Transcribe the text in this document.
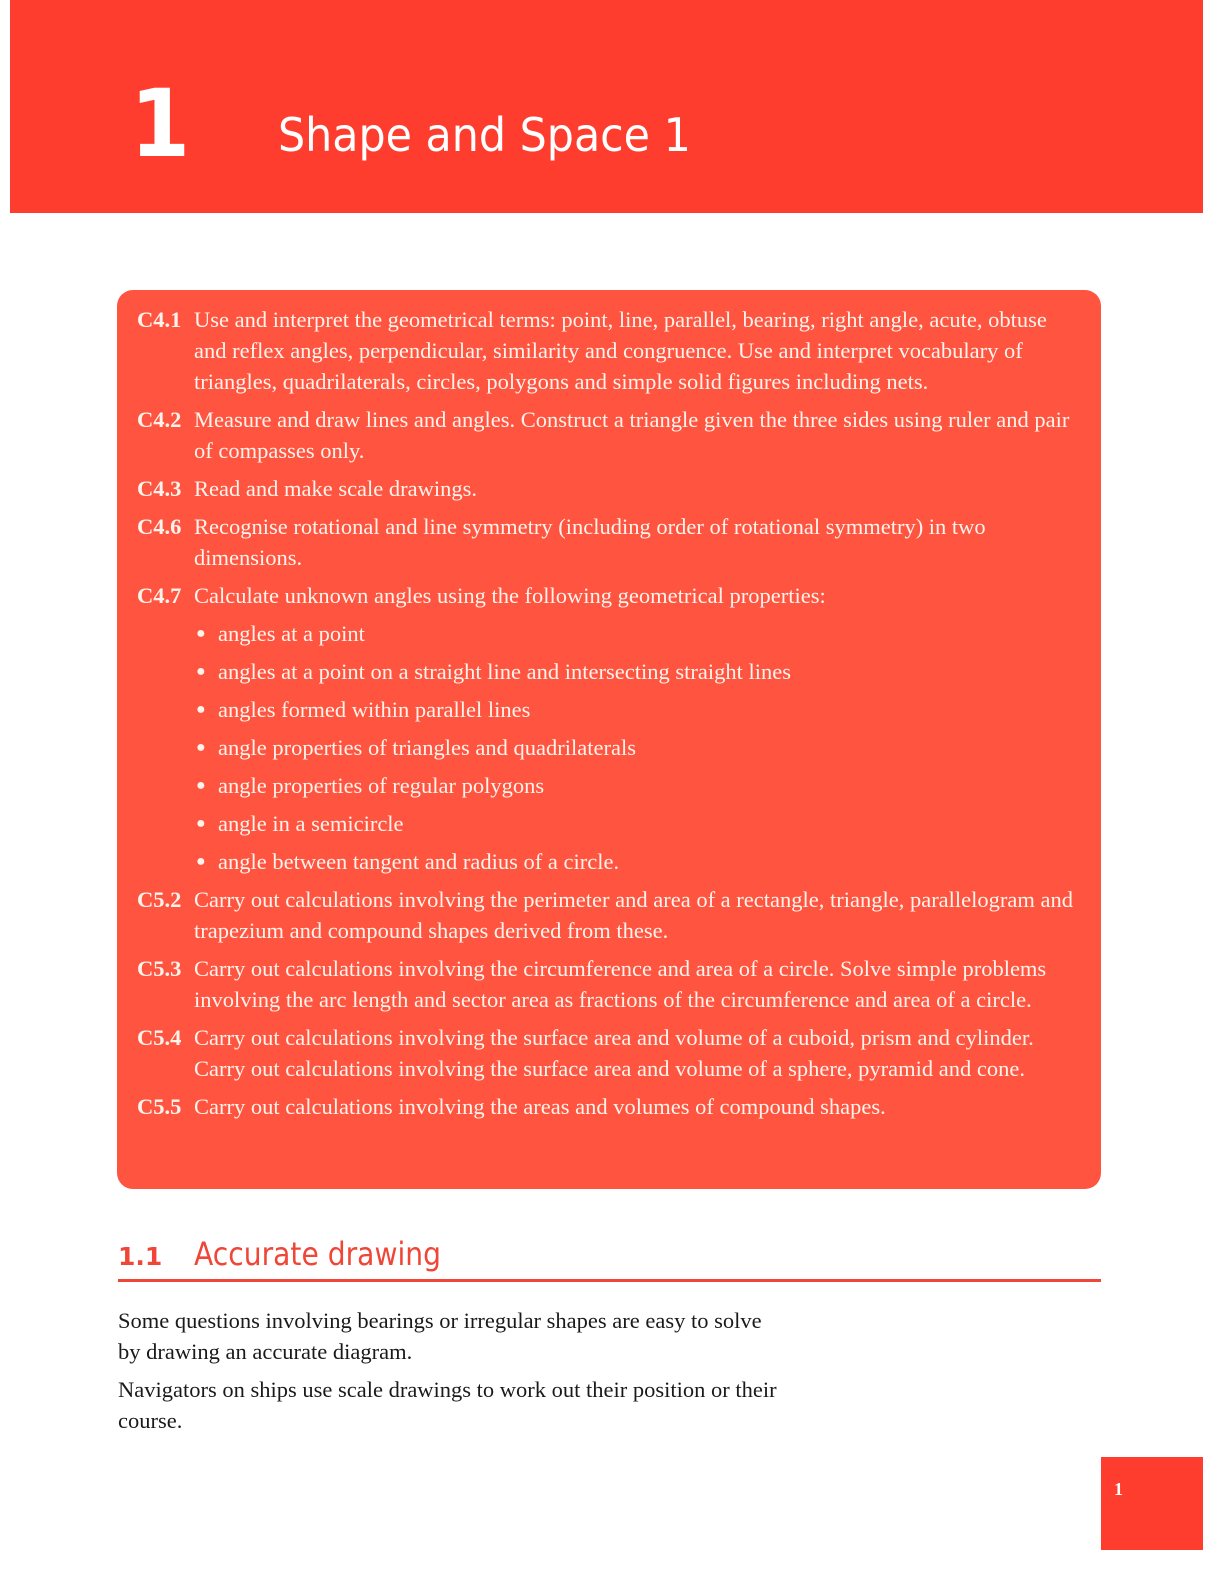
1 Shape and Space 1
C4.1 Use and interpret the geometrical terms: point, line, parallel, bearing, right angle, acute, obtuse and reflex angles, perpendicular, similarity and congruence. Use and interpret vocabulary of triangles, quadrilaterals, circles, polygons and simple solid figures including nets.
C4.2 Measure and draw lines and angles. Construct a triangle given the three sides using ruler and pair of compasses only.
C4.3 Read and make scale drawings.
C4.6 Recognise rotational and line symmetry (including order of rotational symmetry) in two dimensions.
C4.7 Calculate unknown angles using the following geometrical properties:
● angles at a point
● angles at a point on a straight line and intersecting straight lines
● angles formed within parallel lines
● angle properties of triangles and quadrilaterals
● angle properties of regular polygons
● angle in a semicircle
● angle between tangent and radius of a circle.
C5.2 Carry out calculations involving the perimeter and area of a rectangle, triangle, parallelogram and trapezium and compound shapes derived from these.
C5.3 Carry out calculations involving the circumference and area of a circle. Solve simple problems involving the arc length and sector area as fractions of the circumference and area of a circle.
C5.4 Carry out calculations involving the surface area and volume of a cuboid, prism and cylinder. Carry out calculations involving the surface area and volume of a sphere, pyramid and cone.
C5.5 Carry out calculations involving the areas and volumes of compound shapes.
1.1 Accurate drawing

Some questions involving bearings or irregular shapes are easy to solve by drawing an accurate diagram.

Navigators on ships use scale drawings to work out their position or their course.

1
